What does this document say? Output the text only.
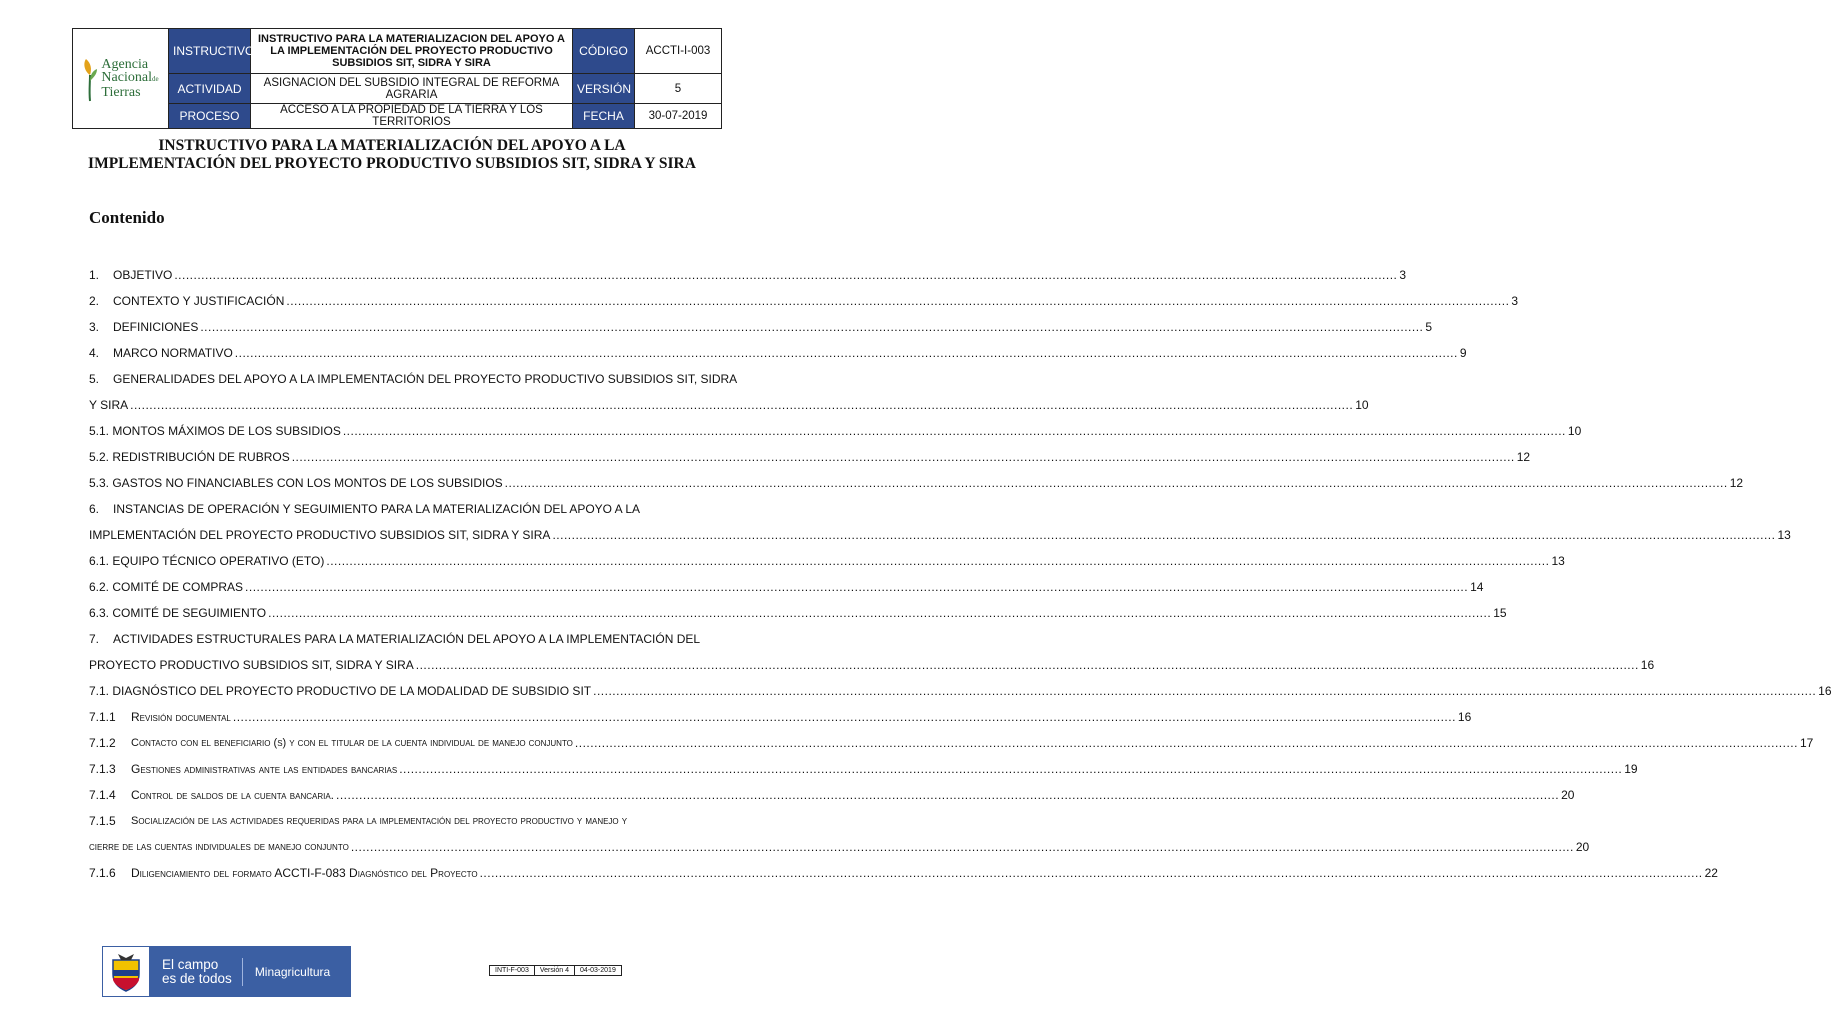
Agencia
Nacionalde
Tierras	INSTRUCTIVO	INSTRUCTIVO PARA LA MATERIALIZACION DEL APOYO A LA IMPLEMENTACIÓN DEL PROYECTO PRODUCTIVO SUBSIDIOS SIT, SIDRA Y SIRA	CÓDIGO	ACCTI-I-003
	ACTIVIDAD	ASIGNACION DEL SUBSIDIO INTEGRAL DE REFORMA AGRARIA	VERSIÓN	5
	PROCESO	ACCESO A LA PROPIEDAD DE LA TIERRA Y LOS TERRITORIOS	FECHA	30-07-2019
INSTRUCTIVO PARA LA MATERIALIZACIÓN DEL APOYO A LA
IMPLEMENTACIÓN DEL PROYECTO PRODUCTIVO SUBSIDIOS SIT, SIDRA Y SIRA
Contenido
1.	OBJETIVO .....	3
2.	CONTEXTO Y JUSTIFICACIÓN .....	3
3.	DEFINICIONES .....	5
4.	MARCO NORMATIVO .....	9
5.	GENERALIDADES DEL APOYO A LA IMPLEMENTACIÓN DEL PROYECTO PRODUCTIVO SUBSIDIOS SIT, SIDRA
Y SIRA .....	10
5.1. MONTOS MÁXIMOS DE LOS SUBSIDIOS .....	10
5.2. REDISTRIBUCIÓN DE RUBROS .....	12
5.3. GASTOS NO FINANCIABLES CON LOS MONTOS DE LOS SUBSIDIOS .....	12
6.	INSTANCIAS DE OPERACIÓN Y SEGUIMIENTO PARA LA MATERIALIZACIÓN DEL APOYO A LA
IMPLEMENTACIÓN DEL PROYECTO PRODUCTIVO SUBSIDIOS SIT, SIDRA Y SIRA .....	13
6.1. EQUIPO TÉCNICO OPERATIVO (ETO) .....	13
6.2. COMITÉ DE COMPRAS .....	14
6.3. COMITÉ DE SEGUIMIENTO .....	15
7.	ACTIVIDADES ESTRUCTURALES PARA LA MATERIALIZACIÓN DEL APOYO A LA IMPLEMENTACIÓN DEL
PROYECTO PRODUCTIVO SUBSIDIOS SIT, SIDRA Y SIRA .....	16
7.1. DIAGNÓSTICO DEL PROYECTO PRODUCTIVO DE LA MODALIDAD DE SUBSIDIO SIT .....	16
7.1.1	Revisión documental .....	16
7.1.2	Contacto con el beneficiario (s) y con el titular de la cuenta individual de manejo conjunto .....	17
7.1.3	Gestiones administrativas ante las entidades bancarias .....	19
7.1.4	Control de saldos de la cuenta bancaria. .....	20
7.1.5	Socialización de las actividades requeridas para la implementación del proyecto productivo y manejo y
cierre de las cuentas individuales de manejo conjunto .....	20
7.1.6	Diligenciamiento del formato ACCTI-F-083 Diagnóstico del Proyecto .....	22
El campo
es de todos	Minagricultura	INTI-F-003	Versión 4	04-03-2019
